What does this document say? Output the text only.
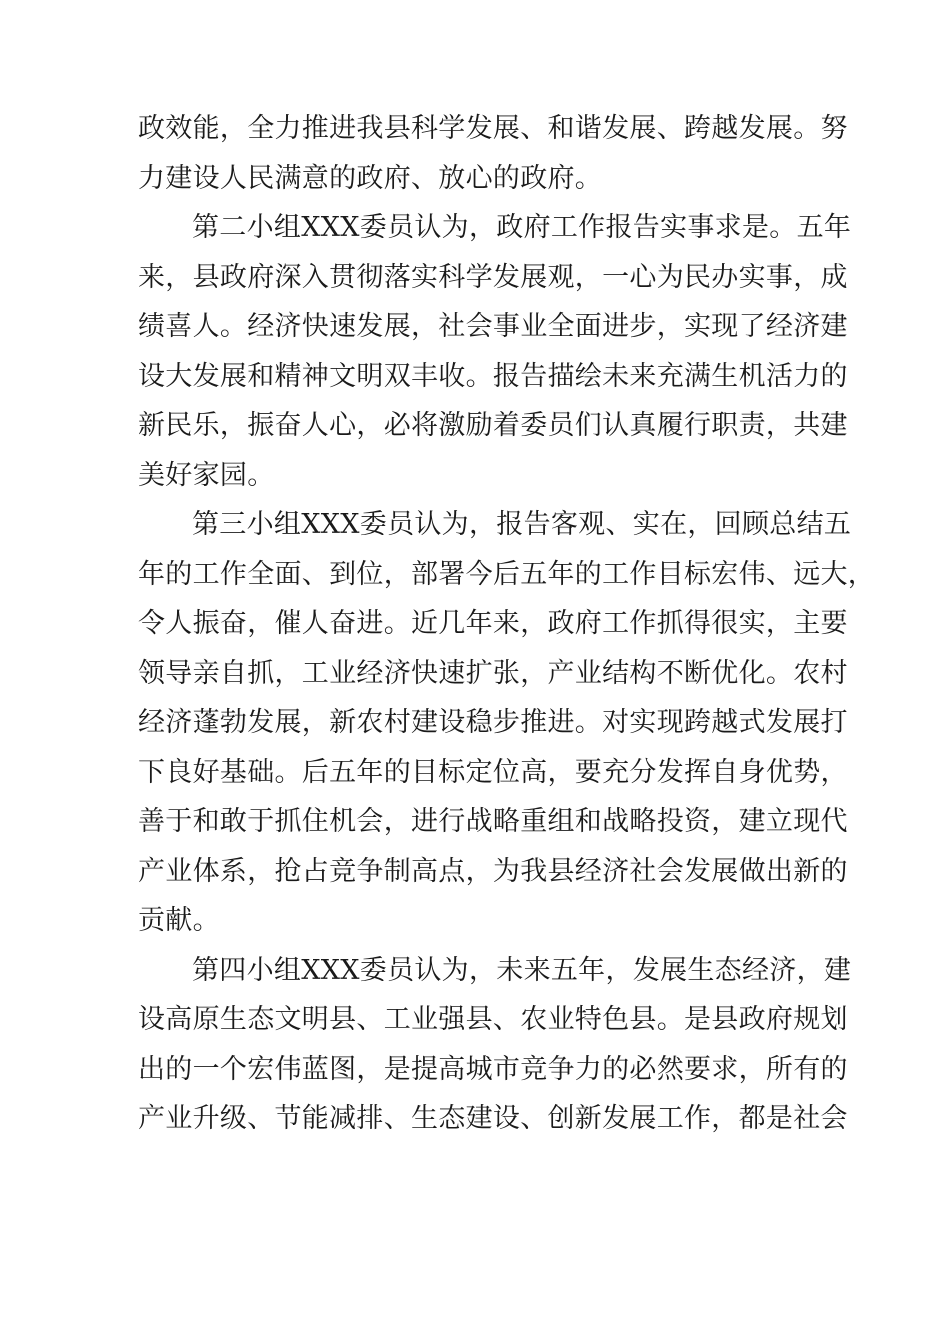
政效能，全力推进我县科学发展、和谐发展、跨越发展。努
力建设人民满意的政府、放心的政府。
第二小组XXX委员认为，政府工作报告实事求是。五年
来，县政府深入贯彻落实科学发展观，一心为民办实事，成
绩喜人。经济快速发展，社会事业全面进步，实现了经济建
设大发展和精神文明双丰收。报告描绘未来充满生机活力的
新民乐，振奋人心，必将激励着委员们认真履行职责，共建
美好家园。
第三小组XXX委员认为，报告客观、实在，回顾总结五
年的工作全面、到位，部署今后五年的工作目标宏伟、远大，
令人振奋，催人奋进。近几年来，政府工作抓得很实，主要
领导亲自抓，工业经济快速扩张，产业结构不断优化。农村
经济蓬勃发展，新农村建设稳步推进。对实现跨越式发展打
下良好基础。后五年的目标定位高，要充分发挥自身优势，
善于和敢于抓住机会，进行战略重组和战略投资，建立现代
产业体系，抢占竞争制高点，为我县经济社会发展做出新的
贡献。
第四小组XXX委员认为，未来五年，发展生态经济，建
设高原生态文明县、工业强县、农业特色县。是县政府规划
出的一个宏伟蓝图，是提高城市竞争力的必然要求，所有的
产业升级、节能减排、生态建设、创新发展工作，都是社会
